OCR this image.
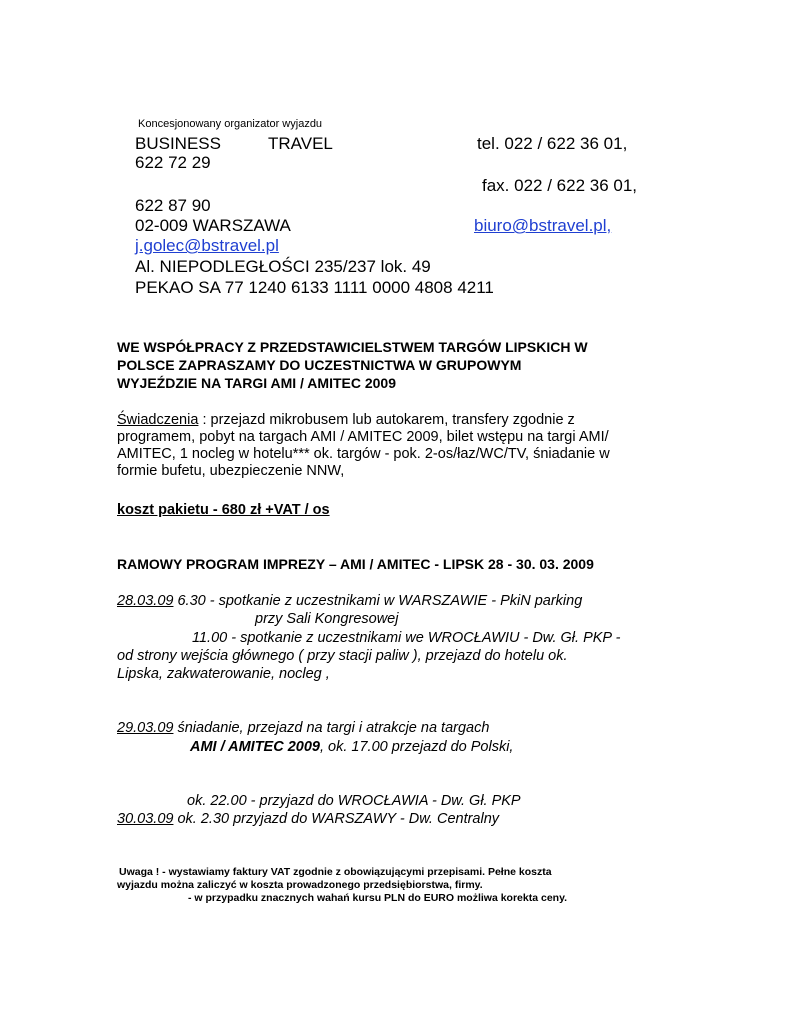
Koncesjonowany organizator wyjazdu
BUSINESS	TRAVEL	tel. 022 / 622 36 01,
622 72 29
fax. 022 / 622 36 01,
622 87 90
02-009 WARSZAWA	biuro@bstravel.pl,
j.golec@bstravel.pl
Al. NIEPODLEGŁOŚCI 235/237 lok. 49
PEKAO SA 77 1240 6133 1111 0000 4808 4211
WE WSPÓŁPRACY Z PRZEDSTAWICIELSTWEM TARGÓW LIPSKICH W
POLSCE ZAPRASZAMY DO UCZESTNICTWA W GRUPOWYM
WYJEŹDZIE NA TARGI AMI / AMITEC 2009
Świadczenia : przejazd mikrobusem lub autokarem, transfery zgodnie z
programem, pobyt na targach AMI / AMITEC 2009, bilet wstępu na targi AMI/
AMITEC, 1 nocleg w hotelu*** ok. targów - pok. 2-os/łaz/WC/TV, śniadanie w
formie bufetu, ubezpieczenie NNW,
koszt pakietu - 680 zł +VAT / os
RAMOWY PROGRAM IMPREZY – AMI / AMITEC - LIPSK 28 - 30. 03. 2009
28.03.09 6.30 - spotkanie z uczestnikami w WARSZAWIE - PkiN parking
przy Sali Kongresowej
11.00 - spotkanie z uczestnikami we WROCŁAWIU - Dw. Gł. PKP -
od strony wejścia głównego ( przy stacji paliw ), przejazd do hotelu ok.
Lipska, zakwaterowanie, nocleg ,
29.03.09 śniadanie, przejazd na targi i atrakcje na targach
AMI / AMITEC 2009, ok. 17.00 przejazd do Polski,
ok. 22.00 - przyjazd do WROCŁAWIA - Dw. Gł. PKP
30.03.09 ok. 2.30 przyjazd do WARSZAWY - Dw. Centralny
Uwaga ! - wystawiamy faktury VAT zgodnie z obowiązującymi przepisami. Pełne koszta
wyjazdu można zaliczyć w koszta prowadzonego przedsiębiorstwa, firmy.
- w przypadku znacznych wahań kursu PLN do EURO możliwa korekta ceny.
